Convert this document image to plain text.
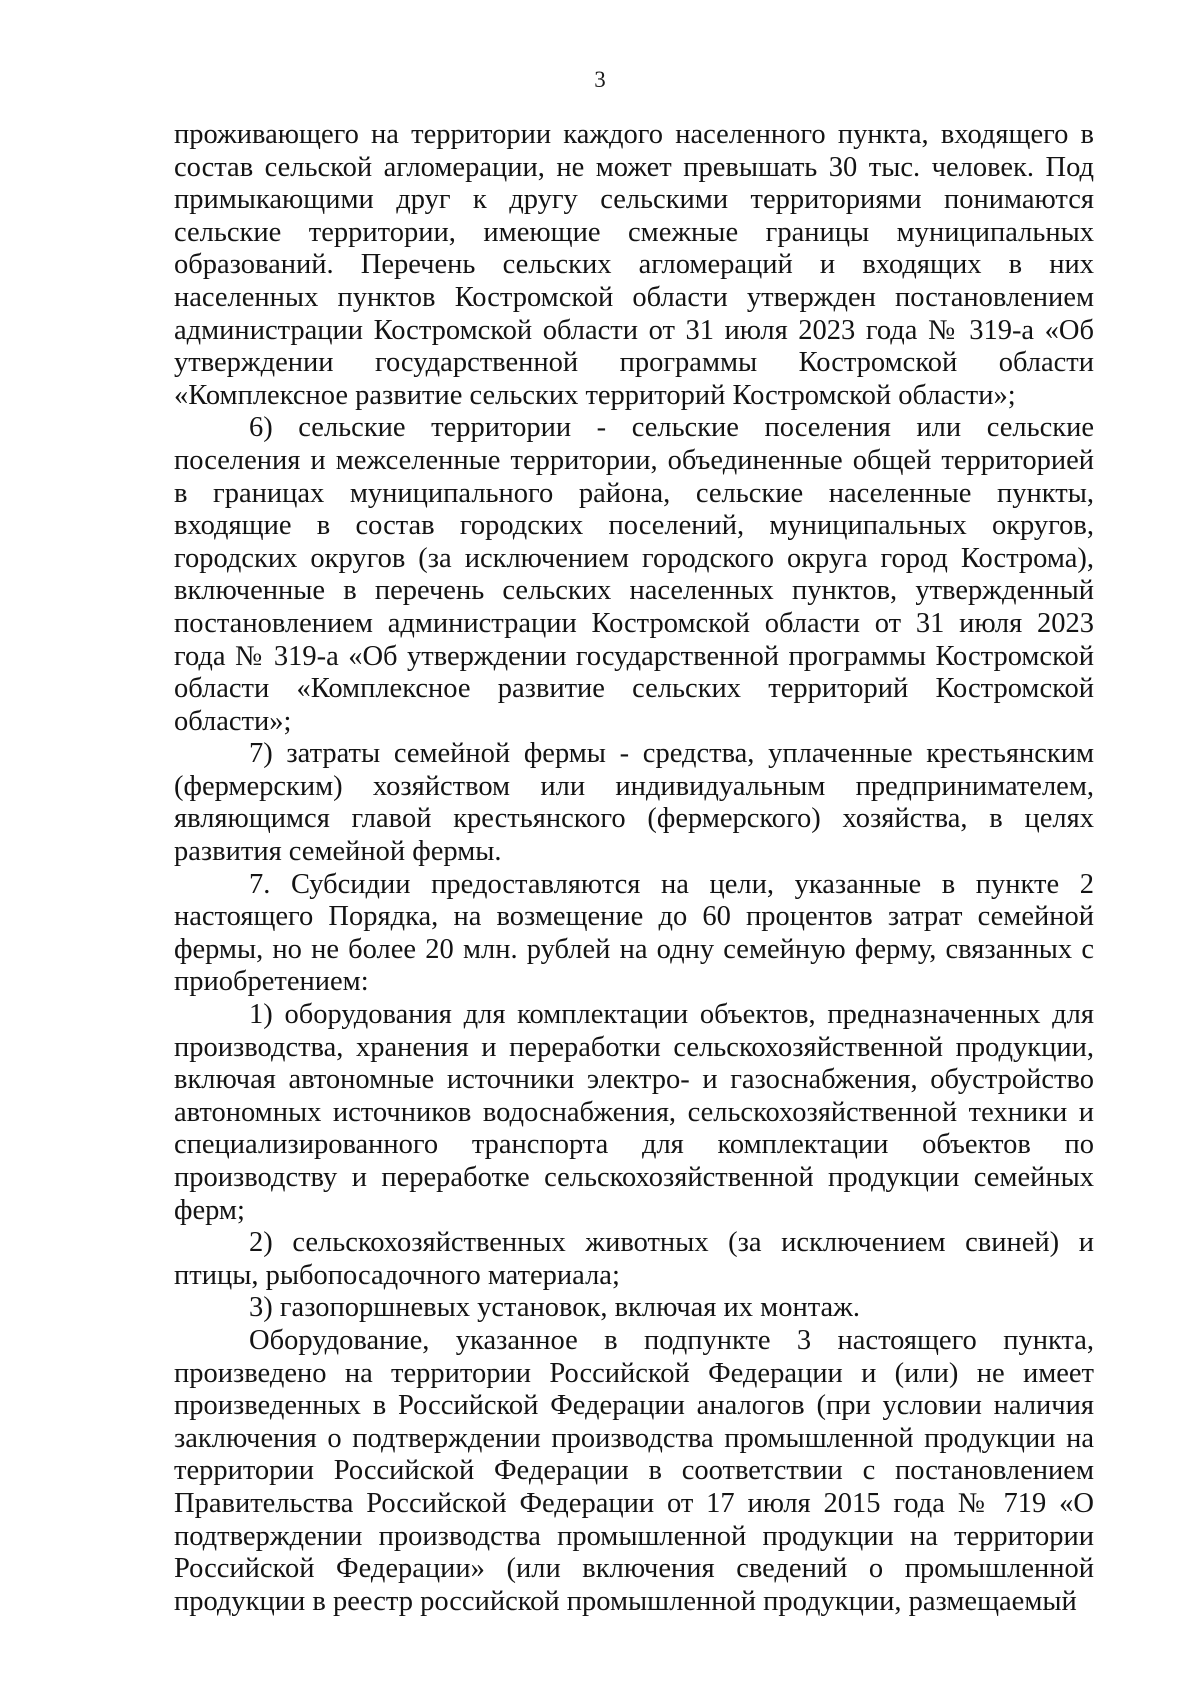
3

проживающего на территории каждого населенного пункта, входящего в состав сельской агломерации, не может превышать 30 тыс. человек. Под примыкающими друг к другу сельскими территориями понимаются сельские территории, имеющие смежные границы муниципальных образований. Перечень сельских агломераций и входящих в них населенных пунктов Костромской области утвержден постановлением администрации Костромской области от 31 июля 2023 года № 319-а «Об утверждении государственной программы Костромской области «Комплексное развитие сельских территорий Костромской области»;

6) сельские территории - сельские поселения или сельские поселения и межселенные территории, объединенные общей территорией в границах муниципального района, сельские населенные пункты, входящие в состав городских поселений, муниципальных округов, городских округов (за исключением городского округа город Кострома), включенные в перечень сельских населенных пунктов, утвержденный постановлением администрации Костромской области от 31 июля 2023 года № 319-а «Об утверждении государственной программы Костромской области «Комплексное развитие сельских территорий Костромской области»;

7) затраты семейной фермы - средства, уплаченные крестьянским (фермерским) хозяйством или индивидуальным предпринимателем, являющимся главой крестьянского (фермерского) хозяйства, в целях развития семейной фермы.

7. Субсидии предоставляются на цели, указанные в пункте 2 настоящего Порядка, на возмещение до 60 процентов затрат семейной фермы, но не более 20 млн. рублей на одну семейную ферму, связанных с приобретением:

1) оборудования для комплектации объектов, предназначенных для производства, хранения и переработки сельскохозяйственной продукции, включая автономные источники электро- и газоснабжения, обустройство автономных источников водоснабжения, сельскохозяйственной техники и специализированного транспорта для комплектации объектов по производству и переработке сельскохозяйственной продукции семейных ферм;

2) сельскохозяйственных животных (за исключением свиней) и птицы, рыбопосадочного материала;

3) газопоршневых установок, включая их монтаж.

Оборудование, указанное в подпункте 3 настоящего пункта, произведено на территории Российской Федерации и (или) не имеет произведенных в Российской Федерации аналогов (при условии наличия заключения о подтверждении производства промышленной продукции на территории Российской Федерации в соответствии с постановлением Правительства Российской Федерации от 17 июля 2015 года № 719 «О подтверждении производства промышленной продукции на территории Российской Федерации» (или включения сведений о промышленной продукции в реестр российской промышленной продукции, размещаемый
